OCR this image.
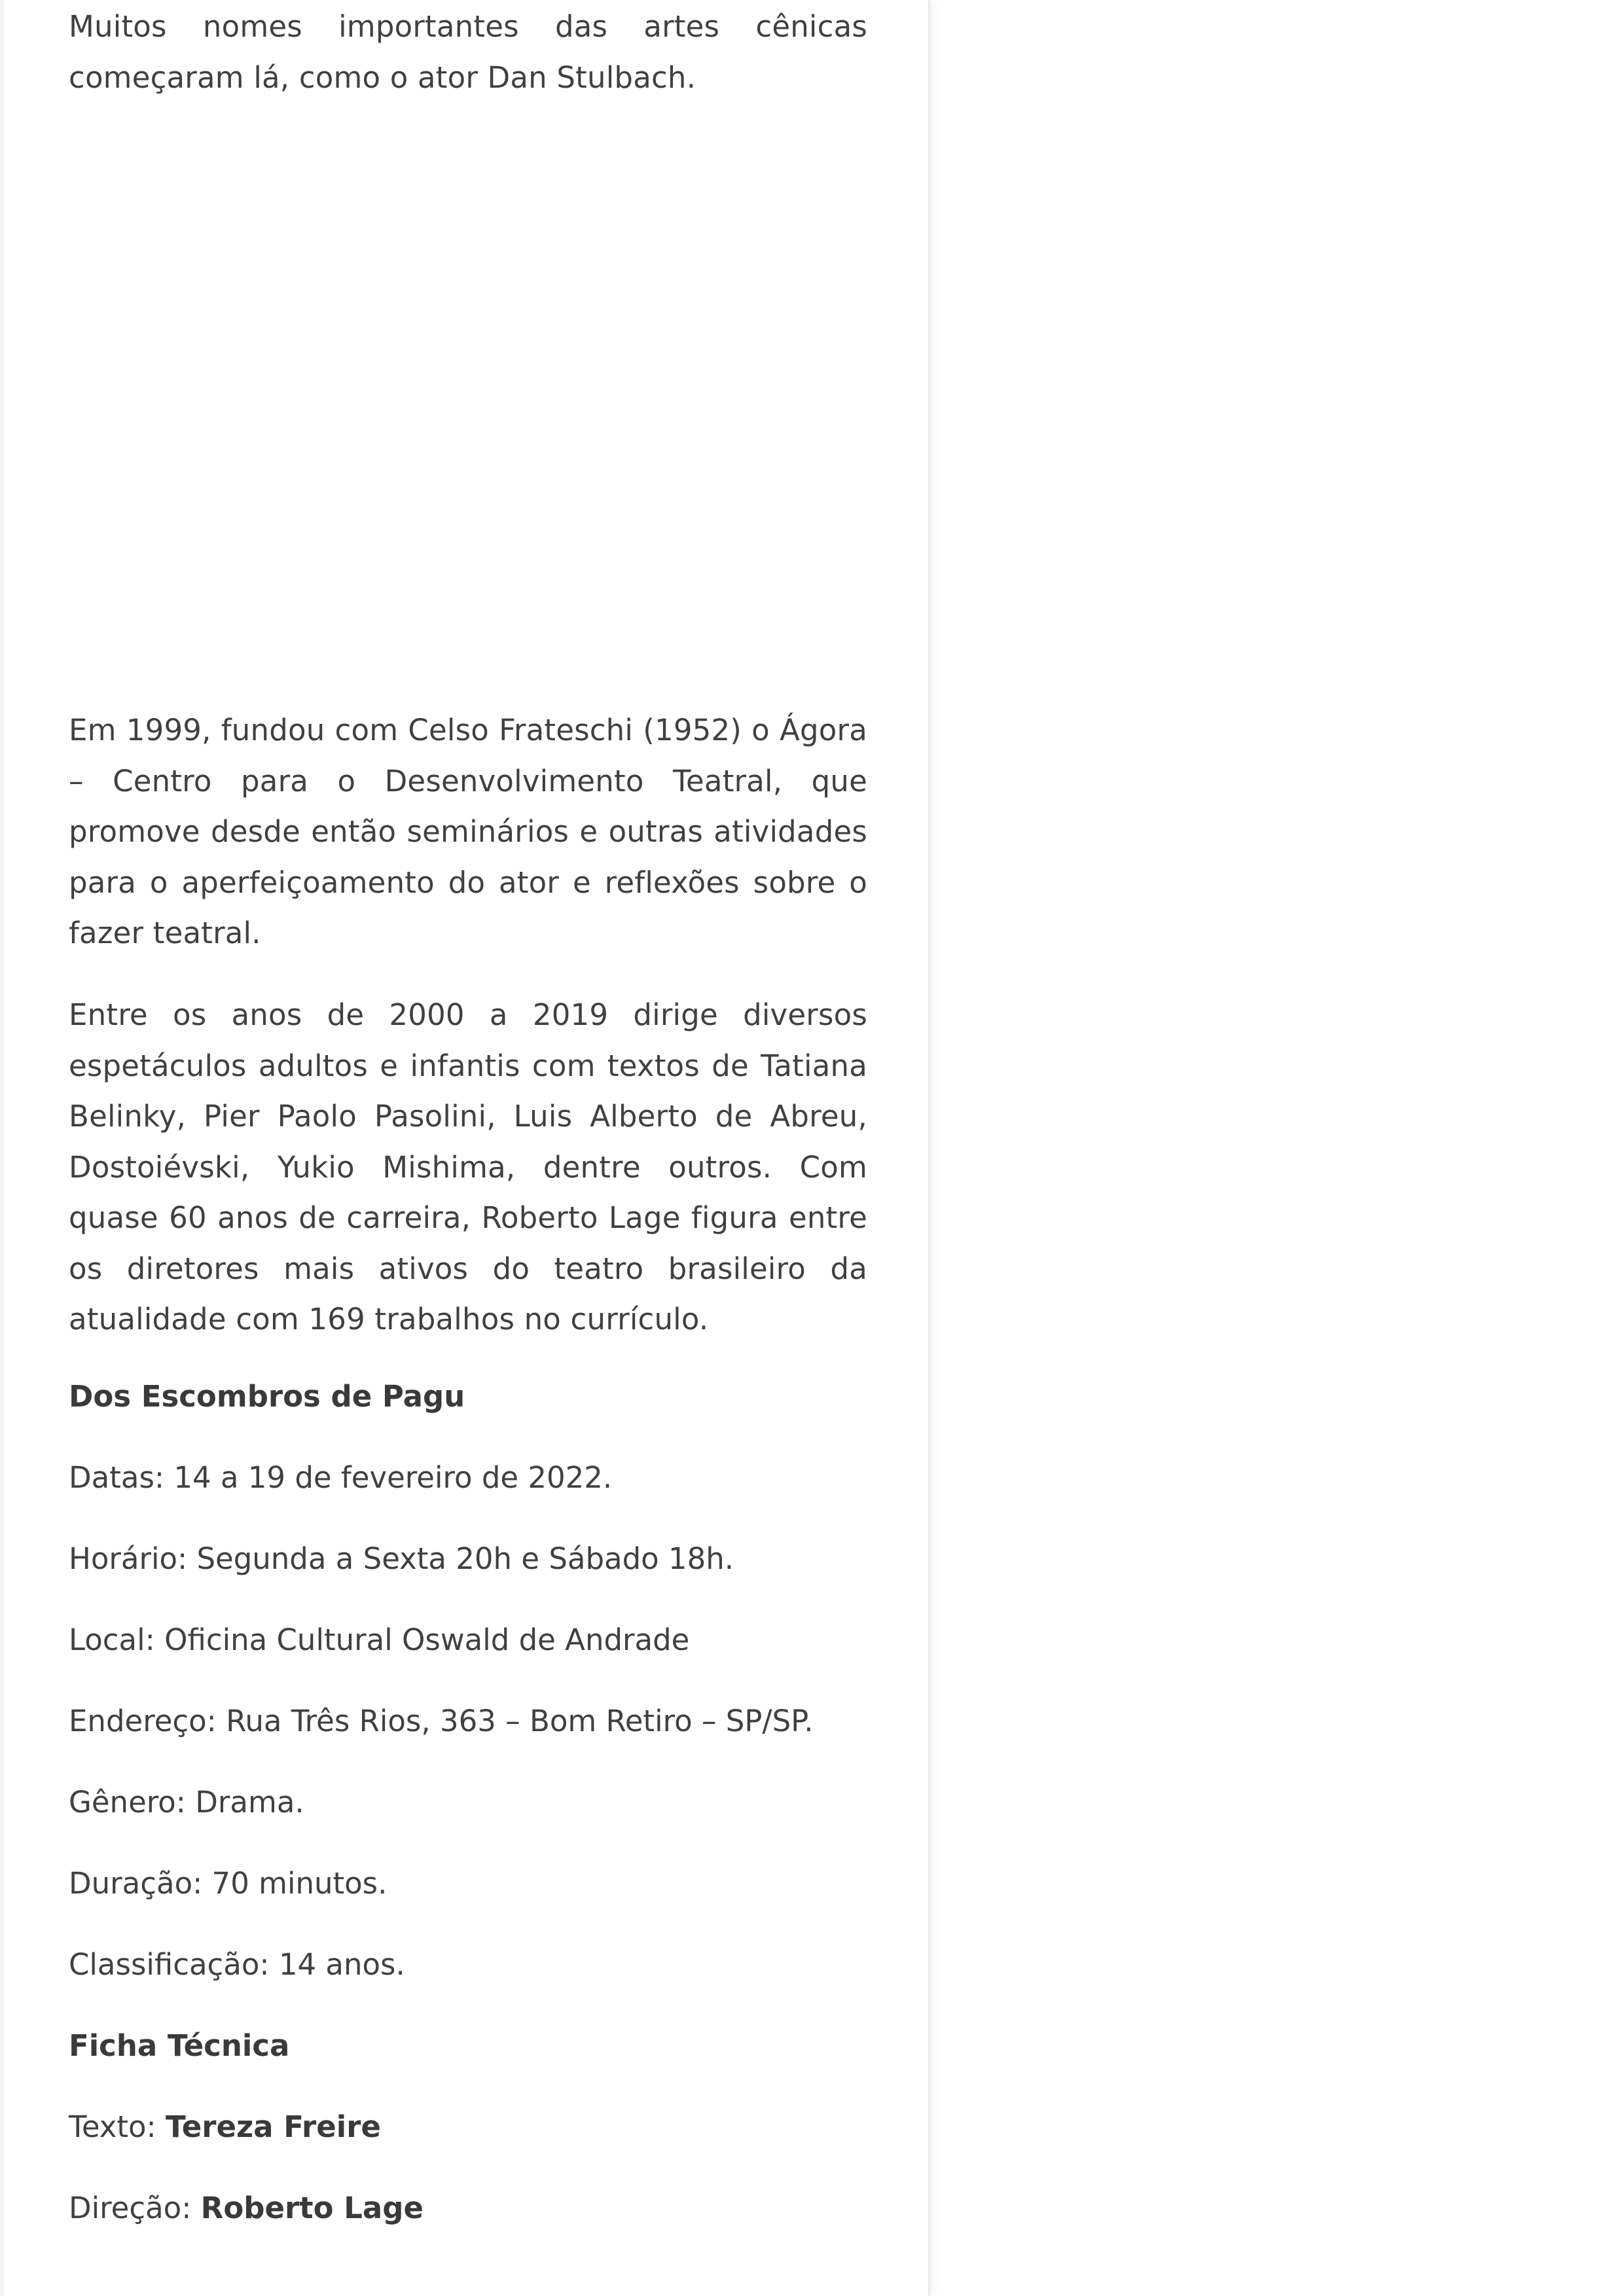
Muitos nomes importantes das artes cênicas começaram lá, como o ator Dan Stulbach.

Em 1999, fundou com Celso Frateschi (1952) o Ágora – Centro para o Desenvolvimento Teatral, que promove desde então seminários e outras atividades para o aperfeiçoamento do ator e reflexões sobre o fazer teatral.

Entre os anos de 2000 a 2019 dirige diversos espetáculos adultos e infantis com textos de Tatiana Belinky, Pier Paolo Pasolini, Luis Alberto de Abreu, Dostoiévski, Yukio Mishima, dentre outros. Com quase 60 anos de carreira, Roberto Lage figura entre os diretores mais ativos do teatro brasileiro da atualidade com 169 trabalhos no currículo.

Dos Escombros de Pagu
Datas: 14 a 19 de fevereiro de 2022.
Horário: Segunda a Sexta 20h e Sábado 18h.
Local: Oficina Cultural Oswald de Andrade
Endereço: Rua Três Rios, 363 – Bom Retiro – SP/SP.
Gênero: Drama.
Duração: 70 minutos.
Classificação: 14 anos.
Ficha Técnica
Texto: Tereza Freire
Direção: Roberto Lage
